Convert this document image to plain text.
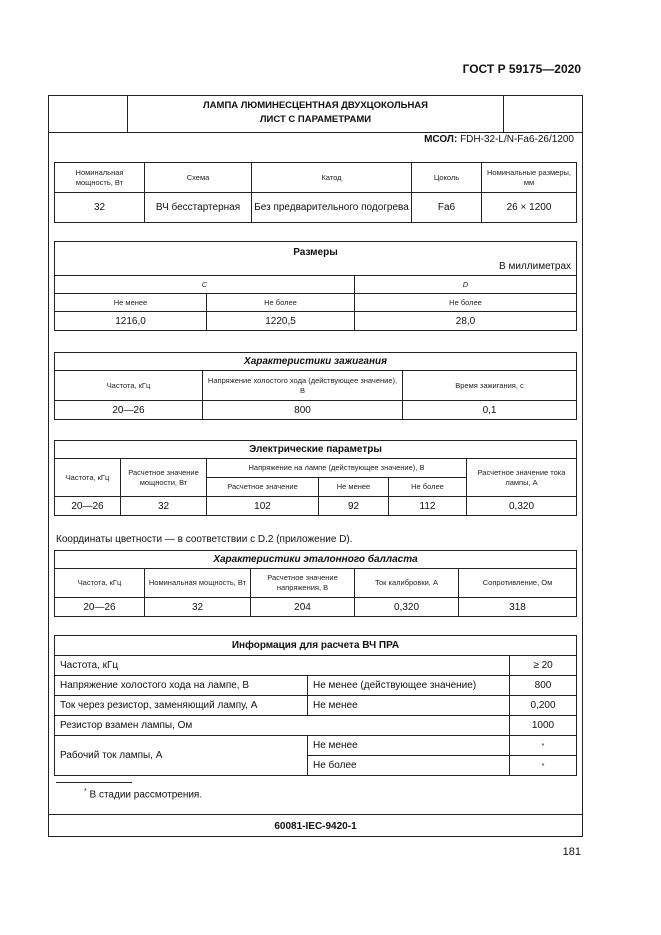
ГОСТ Р 59175—2020
ЛАМПА ЛЮМИНЕСЦЕНТНАЯ ДВУХЦОКОЛЬНАЯ
ЛИСТ С ПАРАМЕТРАМИ
МСОЛ: FDH-32-L/N-Fa6-26/1200
Номинальная мощность, Вт	Схема	Катод	Цоколь	Номинальные размеры, мм
32	ВЧ бесстартерная	Без предварительного подогрева	Fa6	26 × 1200
Размеры
В миллиметрах		

C		D
Не менее	Не более	Не более
1216,0	1220,5	28,0
Характеристики зажигания		
Частота, кГц	Напряжение холостого хода (действующее значение), В	Время зажигания, с
20—26	800	0,1
Электрические параметры					
Частота, кГц	Расчетное значение мощности, Вт	Напряжение на лампе (действующее значение), В			Расчетное значение тока лампы, А
		Расчетное значение	Не менее	Не более	
20—26	32	102	92	112	0,320
Характеристики эталонного балласта				
Частота, кГц	Номинальная мощность, Вт	Расчетное значение напряжения, В	Ток калибровки, А	Сопротивление, Ом
20—26	32	204	0,320	318
Информация для расчета ВЧ ПРА		
Частота, кГц		≥ 20
Напряжение холостого хода на лампе, В	Не менее (действующее значение)	800
Ток через резистор, заменяющий лампу, А	Не менее	0,200
Резистор взамен лампы, Ом		1000
Рабочий ток лампы, А	Не менее	*
	Не более	*
60081-IEC-9420-1
Координаты цветности — в соответствии с D.2 (приложение D).
* В стадии рассмотрения.
181
